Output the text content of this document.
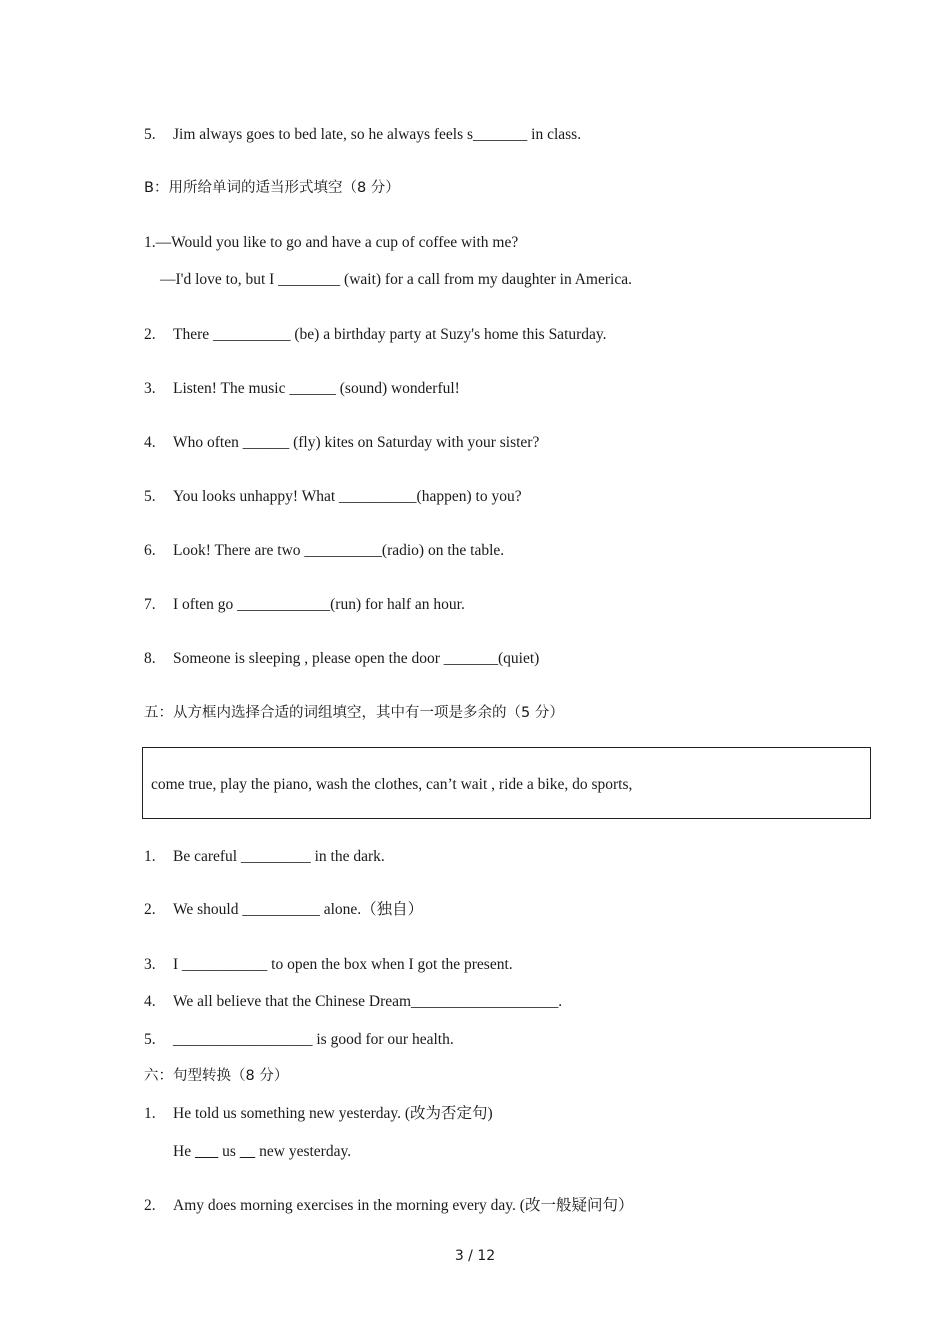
5. Jim always goes to bed late, so he always feels s_______ in class.
B：用所给单词的适当形式填空（8 分）
1.—Would you like to go and have a cup of coffee with me?
—I'd love to, but I ________ (wait) for a call from my daughter in America.
2. There __________ (be) a birthday party at Suzy's home this Saturday.
3. Listen! The music ______ (sound) wonderful!
4. Who often ______ (fly) kites on Saturday with your sister?
5. You looks unhappy! What __________(happen) to you?
6. Look! There are two __________(radio) on the table.
7. I often go ____________(run) for half an hour.
8. Someone is sleeping , please open the door _______(quiet)
五：从方框内选择合适的词组填空，其中有一项是多余的（5 分）
come true, play the piano, wash the clothes, can’t wait , ride a bike, do sports,
1. Be careful _________ in the dark.
2. We should __________ alone.（独自）
3. I ___________ to open the box when I got the present.
4. We all believe that the Chinese Dream___________________.
5. __________________ is good for our health.
六：句型转换（8 分）
1. He told us something new yesterday. (改为否定句)
He us new yesterday.
2. Amy does morning exercises in the morning every day. (改一般疑问句）
3 / 12
